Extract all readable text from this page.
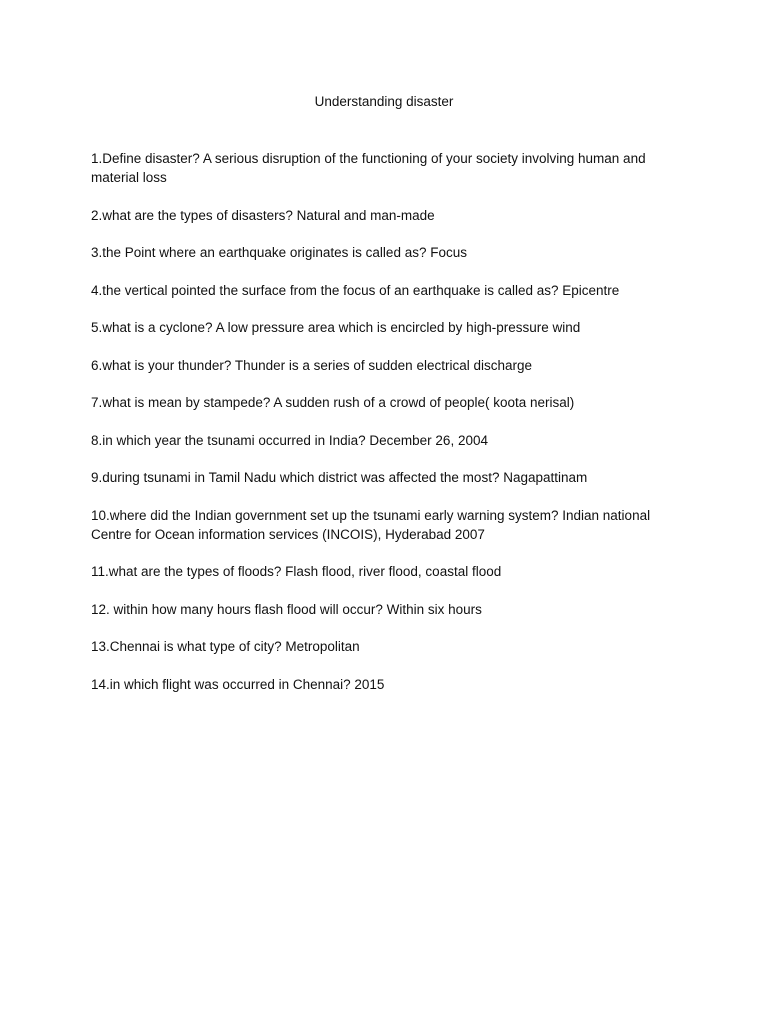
Understanding disaster
1.Define disaster? A serious disruption of the functioning of your society involving human and material loss
2.what are the types of disasters? Natural and man-made
3.the Point where an earthquake originates is called as? Focus
4.the vertical pointed the surface from the focus of an earthquake is called as? Epicentre
5.what is a cyclone? A low pressure area which is encircled by high-pressure wind
6.what is your thunder? Thunder is a series of sudden electrical discharge
7.what is mean by stampede? A sudden rush of a crowd of people( koota nerisal)
8.in which year the tsunami occurred in India? December 26, 2004
9.during tsunami in Tamil Nadu which district was affected the most? Nagapattinam
10.where did the Indian government set up the tsunami early warning system? Indian national Centre for Ocean information services (INCOIS), Hyderabad 2007
11.what are the types of floods? Flash flood, river flood, coastal flood
12. within how many hours flash flood will occur? Within six hours
13.Chennai is what type of city? Metropolitan
14.in which flight was occurred in Chennai? 2015
